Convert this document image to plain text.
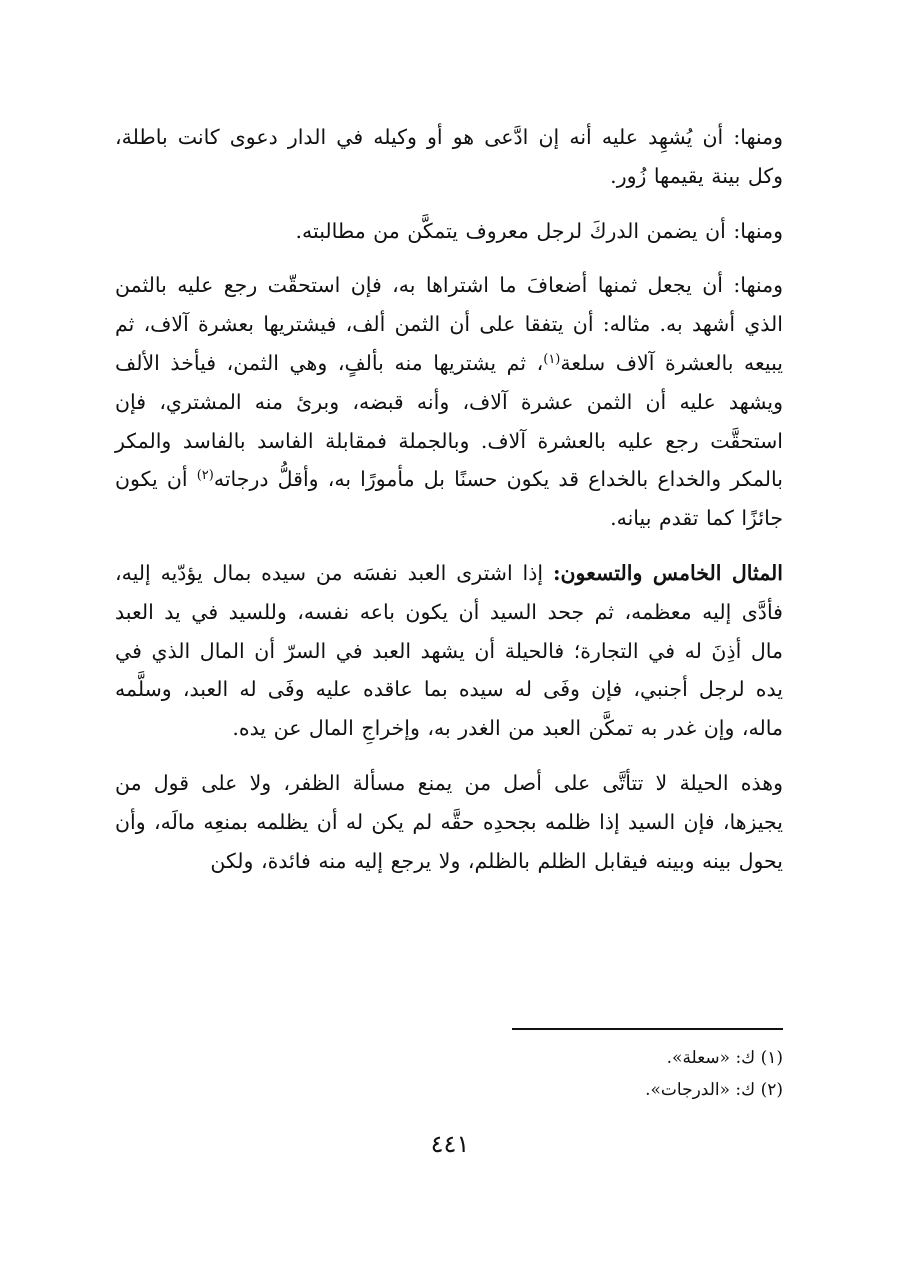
ومنها: أن يُشهِد عليه أنه إن ادَّعى هو أو وكيله في الدار دعوى كانت باطلة، وكل بينة يقيمها زُور.

ومنها: أن يضمن الدركَ لرجل معروف يتمكَّن من مطالبته.

ومنها: أن يجعل ثمنها أضعافَ ما اشتراها به، فإن استحقّت رجع عليه بالثمن الذي أشهد به. مثاله: أن يتفقا على أن الثمن ألف، فيشتريها بعشرة آلاف، ثم يبيعه بالعشرة آلاف سلعة$^{(١)}$، ثم يشتريها منه بألفٍ، وهي الثمن، فيأخذ الألف ويشهد عليه أن الثمن عشرة آلاف، وأنه قبضه، وبرئ منه المشتري، فإن استحقَّت رجع عليه بالعشرة آلاف. وبالجملة فمقابلة الفاسد بالفاسد والمكر بالمكر والخداع بالخداع قد يكون حسنًا بل مأمورًا به، وأقلُّ درجاته$^{(٢)}$ أن يكون جائزًا كما تقدم بيانه.

المثال الخامس والتسعون: إذا اشترى العبد نفسَه من سيده بمال يؤدّيه إليه، فأدَّى إليه معظمه، ثم جحد السيد أن يكون باعه نفسه، وللسيد في يد العبد مال أذِنَ له في التجارة؛ فالحيلة أن يشهد العبد في السرّ أن المال الذي في يده لرجل أجنبي، فإن وفَى له سيده بما عاقده عليه وفَى له العبد، وسلَّمه ماله، وإن غدر به تمكَّن العبد من الغدر به، وإخراجِ المال عن يده.

وهذه الحيلة لا تتأتَّى على أصل من يمنع مسألة الظفر، ولا على قول من يجيزها، فإن السيد إذا ظلمه بجحدِه حقَّه لم يكن له أن يظلمه بمنعِه مالَه، وأن يحول بينه وبينه فيقابل الظلم بالظلم، ولا يرجع إليه منه فائدة، ولكن

(١) ك: «سعلة».
(٢) ك: «الدرجات».
٤٤١
